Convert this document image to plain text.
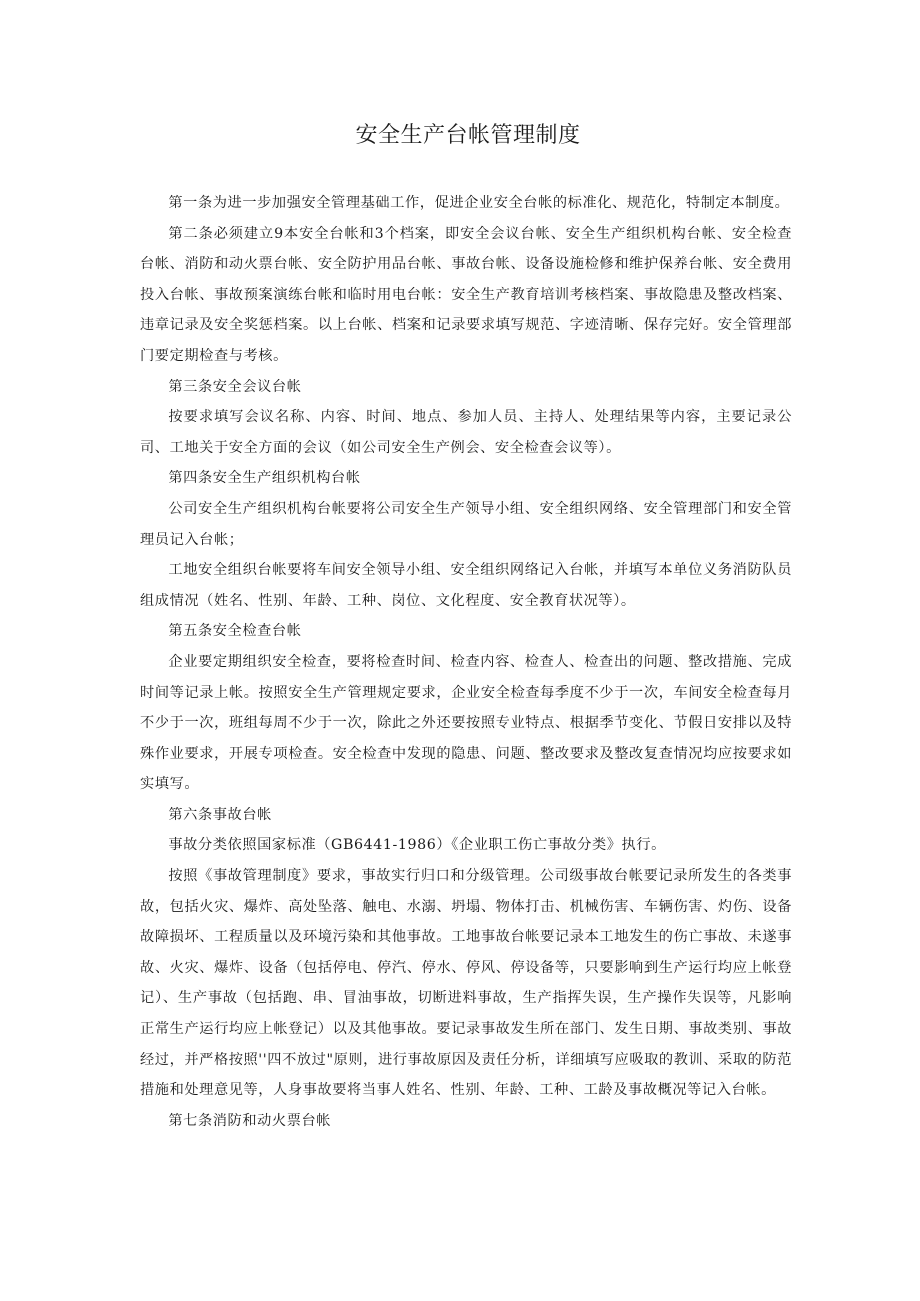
安全生产台帐管理制度

第一条为进一步加强安全管理基础工作，促进企业安全台帐的标准化、规范化，特制定本制度。

第二条必须建立9本安全台帐和3个档案，即安全会议台帐、安全生产组织机构台帐、安全检查台帐、消防和动火票台帐、安全防护用品台帐、事故台帐、设备设施检修和维护保养台帐、安全费用投入台帐、事故预案演练台帐和临时用电台帐：安全生产教育培训考核档案、事故隐患及整改档案、违章记录及安全奖惩档案。以上台帐、档案和记录要求填写规范、字迹清晰、保存完好。安全管理部门要定期检查与考核。

第三条安全会议台帐

按要求填写会议名称、内容、时间、地点、参加人员、主持人、处理结果等内容，主要记录公司、工地关于安全方面的会议（如公司安全生产例会、安全检查会议等）。

第四条安全生产组织机构台帐

公司安全生产组织机构台帐要将公司安全生产领导小组、安全组织网络、安全管理部门和安全管理员记入台帐；

工地安全组织台帐要将车间安全领导小组、安全组织网络记入台帐，并填写本单位义务消防队员组成情况（姓名、性别、年龄、工种、岗位、文化程度、安全教育状况等）。

第五条安全检查台帐

企业要定期组织安全检查，要将检查时间、检查内容、检查人、检查出的问题、整改措施、完成时间等记录上帐。按照安全生产管理规定要求，企业安全检查每季度不少于一次，车间安全检查每月不少于一次，班组每周不少于一次，除此之外还要按照专业特点、根据季节变化、节假日安排以及特殊作业要求，开展专项检查。安全检查中发现的隐患、问题、整改要求及整改复查情况均应按要求如实填写。

第六条事故台帐

事故分类依照国家标准（GB6441-1986）《企业职工伤亡事故分类》执行。

按照《事故管理制度》要求，事故实行归口和分级管理。公司级事故台帐要记录所发生的各类事故，包括火灾、爆炸、高处坠落、触电、水溺、坍塌、物体打击、机械伤害、车辆伤害、灼伤、设备故障损坏、工程质量以及环境污染和其他事故。工地事故台帐要记录本工地发生的伤亡事故、未遂事故、火灾、爆炸、设备（包括停电、停汽、停水、停风、停设备等，只要影响到生产运行均应上帐登记）、生产事故（包括跑、串、冒油事故，切断进料事故，生产指挥失误，生产操作失误等，凡影响正常生产运行均应上帐登记）以及其他事故。要记录事故发生所在部门、发生日期、事故类别、事故经过，并严格按照''四不放过"原则，进行事故原因及责任分析，详细填写应吸取的教训、采取的防范措施和处理意见等，人身事故要将当事人姓名、性别、年龄、工种、工龄及事故概况等记入台帐。

第七条消防和动火票台帐
